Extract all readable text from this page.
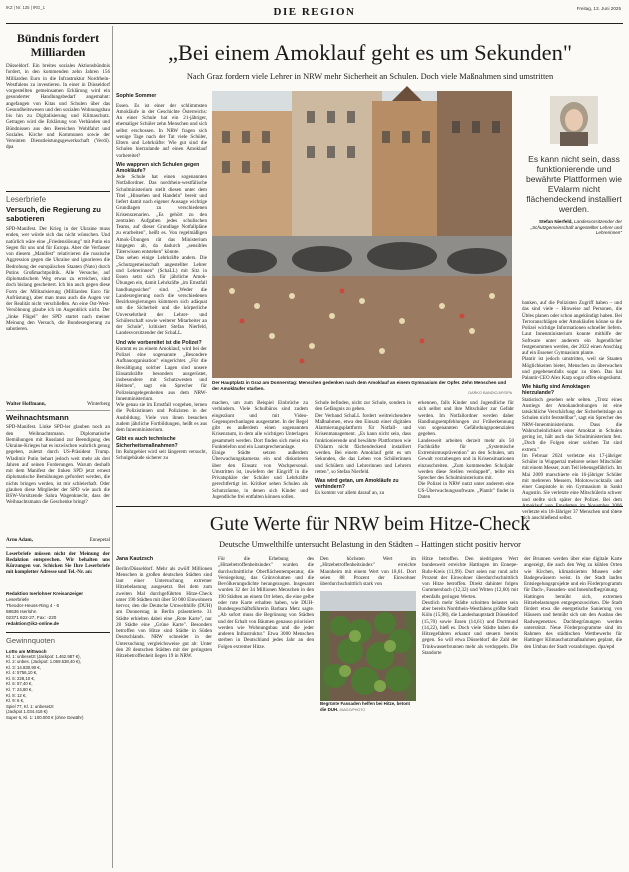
IKZ | Nr. 135 | IRG_1	DIE REGION	Freitag, 13. Juni 2025
Bündnis fordert Milliarden
Düsseldorf. Ein breites soziales Aktionsbündnis fordert, in den kommenden zehn Jahren 156 Milliarden Euro in die Infrastruktur Nordrhein-Westfalens zu investieren. In einer in Düsseldorf vorgestellten gemeinsamen Erklärung wird ein gesonderter Handlungsbedarf angemahnt: angefangen von Kitas und Schulen über das Gesundheitswesen und den sozialen Wohnungsbau bis hin zu Digitalisierung und Klimaschutz. Getragen wird die Erklärung von Verbänden und Bündnissen aus den Bereichen Wohlfahrt und Soziales. Kirche und Kommunen sowie der Vereinten Dienstleistungsgewerkschaft (Verdi). dpa
Leserbriefe
Versuch, die Regierung zu sabotieren
SPD-Manifest. Der Krieg in der Ukraine muss enden, wer würde sich das nicht wünschen. Und natürlich wäre eine „Friedenslösung" mit Putin ein Segen für uns und für Europa. Aber die Verfasser von diesem „Manifest" relativieren die russische Aggression gegen die Ukraine und ignorieren die Bedrohung der europäischen Staaten (Nato) durch Putins Großmachtpolitik. Alle Versuche, auf diplomatischem Weg etwas zu erreichen, sind doch bislang gescheitert. Ich bin auch gegen diese Form der Militarisierung (Milliarden Euro für Aufrüstung), aber man muss auch die Augen vor der Realität nicht verschließen. An eine Ost-West-Versöhnung glaube ich im Augenblick nicht. Der „linke Flügel" der SPD startet nach meiner Meinung den Versuch, die Bundesregierung zu sabotieren.
Walter Hoffmann,	Winterberg
Weihnachtsmann
SPD-Manifest. Linke SPD-ler glauben noch an den Weihnachtsmann. Diplomatische Bemühungen mit Russland zur Beendigung des Ukraine-Krieges hat es inzwischen wahrlich genug gegeben, zuletzt durch US-Präsident Trump. Wladimir Putin behart jedoch weit mehr als drei Jahren auf seinen Forderungen. Warum deshalb mit dem Manifest der linken SPD jetzt erneut diplomatische Bemühungen gefordert werden, die nichts bringen werden, ist mir schleierhaft. Oder glauben diese Mitglieder der SPD wie auch die BSW-Vorsitzende Sahra Wagenknecht, dass der Weihnachtsmann die Geschenke bringt?
Arno Adam,	Ennepetal
Leserbriefe müssen nicht der Meinung der Redaktion entsprechen. Wir behalten uns Kürzungen vor. Schicken Sie Ihre Leserbriefe mit kompletter Adresse und Tel.-Nr. an:
Redaktion Iserlohner Kreisanzeiger
Leserbriefe
Theodor-Heuss-Ring 4 - 6
58636 Iserlohn
02371 822-27, Fax: -220
redaktion@ikz-online.de
Gewinnquoten
Lotto am Mittwoch
Kl. 1: unbesetzt (Jackpot: 1.462.987 €),
Kl. 2: unbes. (Jackpot: 1.069.538,40 €),
Kl. 3: 14.830,90 €,
Kl. 4: 5756,10 €,
Kl. 5: 228,10 €,
Kl. 6: 57,40 €,
Kl. 7: 24,80 €,
Kl. 8: 12 €,
Kl. 9: 6 €,
Spiel 77, Kl. 1: unbesetzt
(Jackpot 1.034.418 €)
Super 6, Kl. 1: 100.000 € (ohne Gewähr)
„Bei einem Amoklauf geht es um Sekunden"
Nach Graz fordern viele Lehrer in NRW mehr Sicherheit an Schulen. Doch viele Maßnahmen sind umstritten
Sophie Sommer
Essen. Es ist einer der schlimmsten Amokläufe in der Geschichte Österreichs: An einer Schule hat ein 21-jähriger, ehemaliger Schüler zehn Menschen und sich selbst erschossen. In NRW fragen sich wenige Tage nach der Tat viele Schüler, Eltern und Lehrkräfte: Wie gut sind die Schulen hierzulande auf einen Amoklauf vorbereitet?
Wie wappnen sich Schulen gegen Amokläufe?
Jede Schule hat einen sogenannten Notfallordner. Das nordrhein-westfälische Schulministerium stellt diesen unter dem Titel „Hinsehen und Handeln" bereit und liefert damit nach eigener Aussage wichtige Grundlagen zu verschiedenen Krisenszenarien. „Es gehört zu den zentralen Aufgaben jedes schulischen Teams, auf dieser Grundlage Notfallpläne zu erarbeiten", heißt es. Von regelmäßigen Amok-Übungen rät das Ministerium hingegen ab, da dadurch „sensibles Täterwissen entstehen" könnte.
Das sehen einige Lehrkräfte anders. Die „Schutzgemeinschaft angestellter Lehrer und Lehrerinnen" (SchaLL) mit Sitz in Essen setzt sich für jährliche Amok-Übungen ein, damit Lehrkräfte „im Ernstfall handlungssicher" sind. „Weder die Landesregierung noch die verschiedenen Bezirksregierungen kümmern sich adäquat um die Sicherheit und die körperliche Unversehrtheit der Lehrer- und Schülerschaft sowie weiterer Mitarbeiter an der Schule", kritisiert Stefan Nierfeld, Landesvorsitzender der SchaLL.
Und wie vorbereitet ist die Polizei?
Kommt es zu einem Amoklauf, wird bei der Polizei eine sogenannte „Besondere Aufbauorganisation" eingerichtet. „Für die Bewältigung solcher Lagen sind unsere Einsatzkräfte besonders ausgerüstet, insbesondere mit Schutzwesten und Helmen", sagt ein Sprecher für Polizeiangelegenheiten aus dem NRW-Innenministerium.
Wie genau sie im Ernstfall vorgehen, lernen die Polizistinnen und Polizisten in der Ausbildung. Viele von ihnen besuchen zudem jährliche Fortbildungen, heißt es aus dem Innenministerium.
Gibt es auch technische Sicherheitsmaßnahmen?
Im Ruhrgebiet wird seit längerem versucht, Schulgebäude sicherer zu
Der Hauptplatz in Graz am Donnerstag: Menschen gedenken nach dem Amoklauf an einem Gymnasium der Opfer. Zehn Menschen und der Amokläufer starben.
DARKO BANDIC/AP/DPA
Es kann nicht sein, dass funktionierende und bewährte Plattformen wie EValarm nicht flächendeckend installiert werden.
Stefan Nierfeld, Landesvorsitzender der „Schutzgemeinschaft angestellter Lehrer und Lehrerinnen"
machen, um zum Beispiel Einbrüche zu verhindern. Viele Schulbüros sind zudem eingezäunt und mit Video-Gegensprechanlagen ausgestattet. In der Regel gibt es außerdem einen sogenannten Krisenraum, in dem alle wichtigen Unterlagen gesammelt werden. Dort finden sich meist ein Funktelefon und ein Lautsprecheranlage.
Einige Städte setzen außerdem Überwachungskameras ein und diskutieren über den Einsatz von Wachpersonal. Umstritten ist, inwiefern der Eingriff in die Privatsphäre der Schüler und Lehrkräfte gerechtfertigt ist. Kritiker sehen Schulen als Schutzräume, in denen sich Kinder und Jugendliche frei entfalten können sollen.
Schule befinden, nicht zur Schule, sondern in den Gefängnis zu gehen.
Der Verband SchaLL fordert weitreichendere Maßnahmen, etwa den Einsatz einer digitalen Alarmierungsplattform für Notfall- und Krisenmanagement. „Es kann nicht sein, dass funktionierende und bewährte Plattformen wie EValarm nicht flächendeckend installiert werden. Bei einem Amoklauf geht es um Sekunden, die das Leben von Schülerinnen und Schülern und Lehrerinnen und Lehrern retten", so Stefan Nierfeld.
Was wird getan, um Amokläufe zu verhindern?
Es kommt vor allem darauf an, zu
erkennen, falls Kinder und Jugendliche für sich selbst und ihre Mitschüler zur Gefahr werden. Im Notfallordner werden daher Handlungsempfehlungen zur Früherkennung von sogenannten Gefährdungspotenzialen gegeben.
Landesweit arbeiten derzeit mehr als 50 Fachkräfte für „Systemische Extremismusprävention" an den Schulen, um Gewalt vorzubeugen und in Krisensituationen einzuschreiten. „Zum kommenden Schuljahr werden diese Stellen verdoppelt", teilte ein Sprecher des Schulministeriums mit.
Die Polizei in NRW nutzt unter anderem eine US-Überwachungssoftware. „Plantir" findet in Daten
banken, auf die Polizisten Zugriff haben – und das sind viele – Hinweise auf Personen, die Übles planen oder schon angekündigt haben. Bei Terroranschlägen oder Amokläufen könne so die Polizei wichtige Informationen schneller liefern. Laut Innenministerium konnte mithilfe der Software unter anderem ein Jugendlicher festgenommen werden, der 2022 einen Anschlag auf ein Essener Gymnasium plante.
Plantir ist jedoch umstritten, weil sie Staaten Möglichkeiten bietet, Menschen zu überwachen und gegebenenfalls sogar zu töten. Das hat Palantir-CEO Alex Karp sogar offen eingeräumt.
Wie häufig sind Amoktagen hierzulande?
Statistisch gesehen sehr selten. „Trotz eines Anstiegs der Amokandrohungen ist eine tatsächliche Verschärfung der Sicherheitslage an Schulen nicht feststellbar", sagt ein Sprecher des NRW-Innenministeriums. Dass die Wahrscheinlichkeit einer Amoktat in Schulen gering ist, hält auch das Schulministerium fest. „Doch die Folgen einer solchen Tat sind extrem."
Im Februar 2024 verletzte ein 17-jähriger Schüler in Wuppertal mehrere seiner Mitschüler mit einem Messer, zum Teil lebensgefährlich. Im Mai 2009 marschierte ein 16-jähriger Schüler mit mehreren Messern, Molotowcocktails und einer Gaspistole in ein Gymnasium in Sankt Augustin. Sie verletzte eine Mitschülerin schwer und stellte sich später der Polizei. Bei dem verletzte ein 18-Jähriger 37 Menschen und tötete sich anschließend selbst.
Gute Werte für NRW beim Hitze-Check
Deutsche Umwelthilfe untersucht Belastung in den Städten – Hattingen sticht positiv hervor
Jana Kautzsch
Berlin/Düsseldorf. Mehr als zwölf Millionen Menschen in großen deutschen Städten sind laut einer Untersuchung extremer Hitzebelastung ausgesetzt. Bei dem zum zweiten Mal durchgeführten Hitze-Check unter 190 Städten mit über 50 000 Einwohnern hervor, den die Deutsche Umwelthilfe (DUH) am Donnerstag in Berlin präsentierte. 31 Städte erhielten dabei eine „Rote Karte", nur 28 Städte eine „Grüne Karte". Besonders betroffen von Hitze sind Städte in Süden Deutschlands. NRW schneidet in der Untersuchung vergleichsweise gut ab: Unter den 28 deutschen Städten mit der geringsten Hitzebetroffenheit liegen 19 in NRW.
Für die Erhebung des „Hitzebetroffenheitsindex" wurden die durchschnittliche Oberflächentemperatur, die Versiegelung, das Grünvolumen und die Bevölkerungsdichte herangezogen. Insgesamt wurden 32 der 34 Millionen Menschen in den 190 Städten an einem Ort leben, die eine gelbe oder rote Karte erhalten haben, wie DUH-Bundesgeschäftsführerin Barbara Metz sagte. „Ab sofort muss die Begrünung von Städten und der Erhalt von Bäumen genauso priorisiert werden wie Wohnungsbau und die jeder anderen Infrastruktur." Etwa 3000 Menschen sterben in Deutschland jedes Jahr an den Folgen extremer Hitze.
Den höchsten Wert im „Hitzebetroffenheitsindex" erreichte Mannheim mit einem Wert von 18,61. Dort seien 88 Prozent der Einwohner überdurchschnittlich stark von
Begrünte Fassaden helfen bei Hitze, betont die DUH. IMAGO/PHOTO
Hitze betroffen. Den niedrigsten Wert bundesweit erreichte Hattingen im Ennepe-Ruhr-Kreis (11,99). Dort seien nur rund acht Prozent der Einwohner überdurchschnittlich von Hitze betroffen. Direkt dahinter folgen Gummersbach (12,32) und Witten (12,60) mit ebenfalls geringen Werten.
Deutlich mehr Städte schnitten belastet sein aber bereits Nordrhein-Westfalens größte Stadt Köln (15,98), die Landeshauptstadt Düsseldorf (15,70) sowie Essen (14,61) und Dortmund (14,22), hieß es. Doch viele Städte haben die Hitzegefahren erkannt und steuern bereits gegen. So will etwa Düsseldorf die Zahl der Trinkwasserbrunnen mehr als verdoppeln. Die Standorte
der Brunnen werden über eine digitale Karte angezeigt, die auch den Weg zu kühlen Orten wie Kirchen, klimatisierten Museen oder Badegewässern weist. In der Stadt laufen Entsiegelungsprojekte und ein Förderprogramm für Dach-, Fassaden- und Innenhofbegrünung.
Hattingen bemüht sich, extremen Hitzebelastungen entgegenzuwirken. Die Stadt fördert etwa die energetische Sanierung von Häusern und bemüht sich um den Ausbau des Radwegenetzes. Dachbegrünungen werden unterstützt. Neue Förderprogramme sind im Rahmen des städtischen Wettbewerbs für Hattinger Klimaschutzmaßnahmen geplant, die den Umbau der Stadt voranbringen. dpa/epd
